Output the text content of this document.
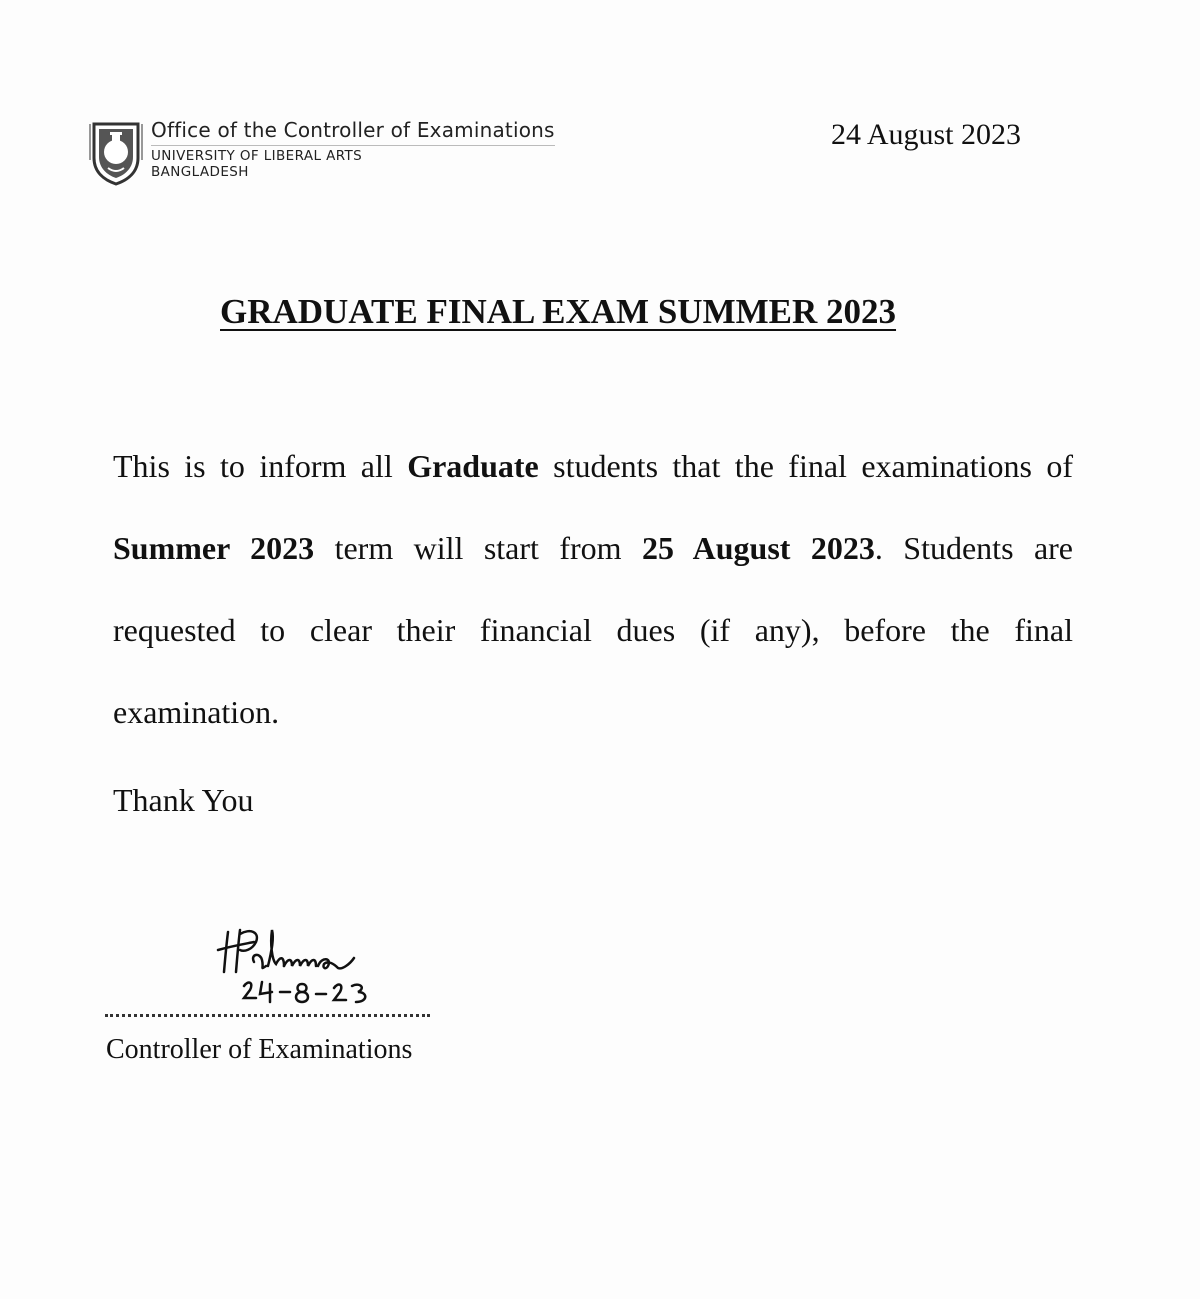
Office of the Controller of Examinations
UNIVERSITY OF LIBERAL ARTS
BANGLADESH
24 August 2023
GRADUATE FINAL EXAM SUMMER 2023
This is to inform all Graduate students that the final examinations of Summer 2023 term will start from 25 August 2023. Students are requested to clear their financial dues (if any), before the final examination.
Thank You
Controller of Examinations
